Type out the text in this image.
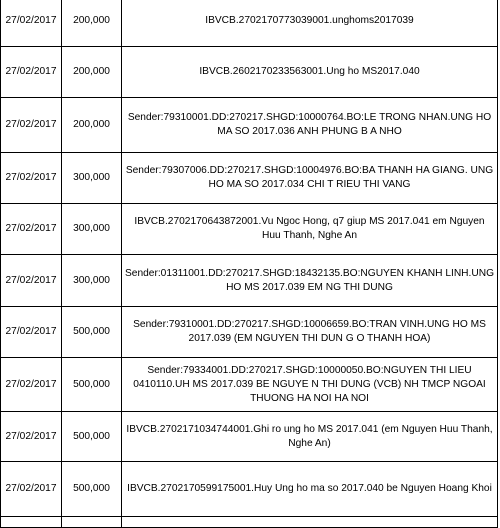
27/02/2017	200,000	IBVCB.2702170773039001.unghoms2017039
27/02/2017	200,000	IBVCB.2602170233563001.Ung ho MS2017.040
27/02/2017	200,000	Sender:79310001.DD:270217.SHGD:10000764.BO:LE TRONG NHAN.UNG HO MA SO 2017.036 ANH PHUNG B A NHO
27/02/2017	300,000	Sender:79307006.DD:270217.SHGD:10004976.BO:BA THANH HA GIANG. UNG HO MA SO 2017.034 CHI T RIEU THI VANG
27/02/2017	300,000	IBVCB.2702170643872001.Vu Ngoc Hong, q7 giup MS 2017.041 em Nguyen Huu Thanh, Nghe An
27/02/2017	300,000	Sender:01311001.DD:270217.SHGD:18432135.BO:NGUYEN KHANH LINH.UNG HO MS 2017.039 EM NG THI DUNG
27/02/2017	500,000	Sender:79310001.DD:270217.SHGD:10006659.BO:TRAN VINH.UNG HO MS 2017.039 (EM NGUYEN THI DUN G O THANH HOA)
27/02/2017	500,000	Sender:79334001.DD:270217.SHGD:10000050.BO:NGUYEN THI LIEU 0410110.UH MS 2017.039 BE NGUYE N THI DUNG (VCB) NH TMCP NGOAI THUONG HA NOI HA NOI
27/02/2017	500,000	IBVCB.2702171034744001.Ghi ro ung ho MS 2017.041 (em Nguyen Huu Thanh, Nghe An)
27/02/2017	500,000	IBVCB.2702170599175001.Huy Ung ho ma so 2017.040 be Nguyen Hoang Khoi
